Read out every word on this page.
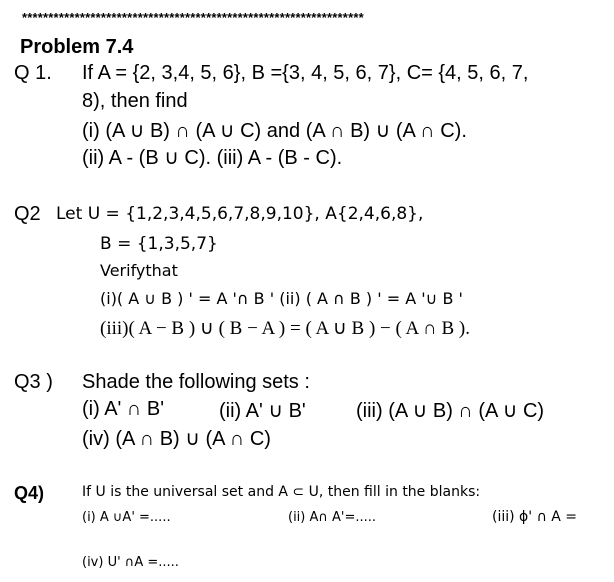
*****************************************************************
Problem 7.4
Q 1. If A = {2, 3,4, 5, 6}, B ={3, 4, 5, 6, 7}, C= {4, 5, 6, 7,
8), then find
(i) (A ∪ B) ∩ (A ∪ C) and (A ∩ B) ∪ (A ∩ C).
(ii) A - (B ∪ C). (iii) A - (B - C).
Q2 Let U = {1,2,3,4,5,6,7,8,9,10}, A{2,4,6,8},
B = {1,3,5,7}
Verifythat
(i)( A ∪ B ) ' = A '∩ B ' (ii) ( A ∩ B ) ' = A '∪ B '
(iii)( A − B ) ∪ ( B − A ) = ( A ∪ B ) − ( A ∩ B ).
Q3 ) Shade the following sets :
(i) A' ∩ B'	(ii) A' ∪ B'	(iii) (A ∪ B) ∩ (A ∪ C)
(iv) (A ∩ B) ∪ (A ∩ C)
Q4)	If U is the universal set and A ⊂ U, then fill in the blanks:
(i) A ∪A' =.....	(ii) A∩ A'=.....	(iii) ϕ' ∩ A =
(iv) U' ∩A =.....
